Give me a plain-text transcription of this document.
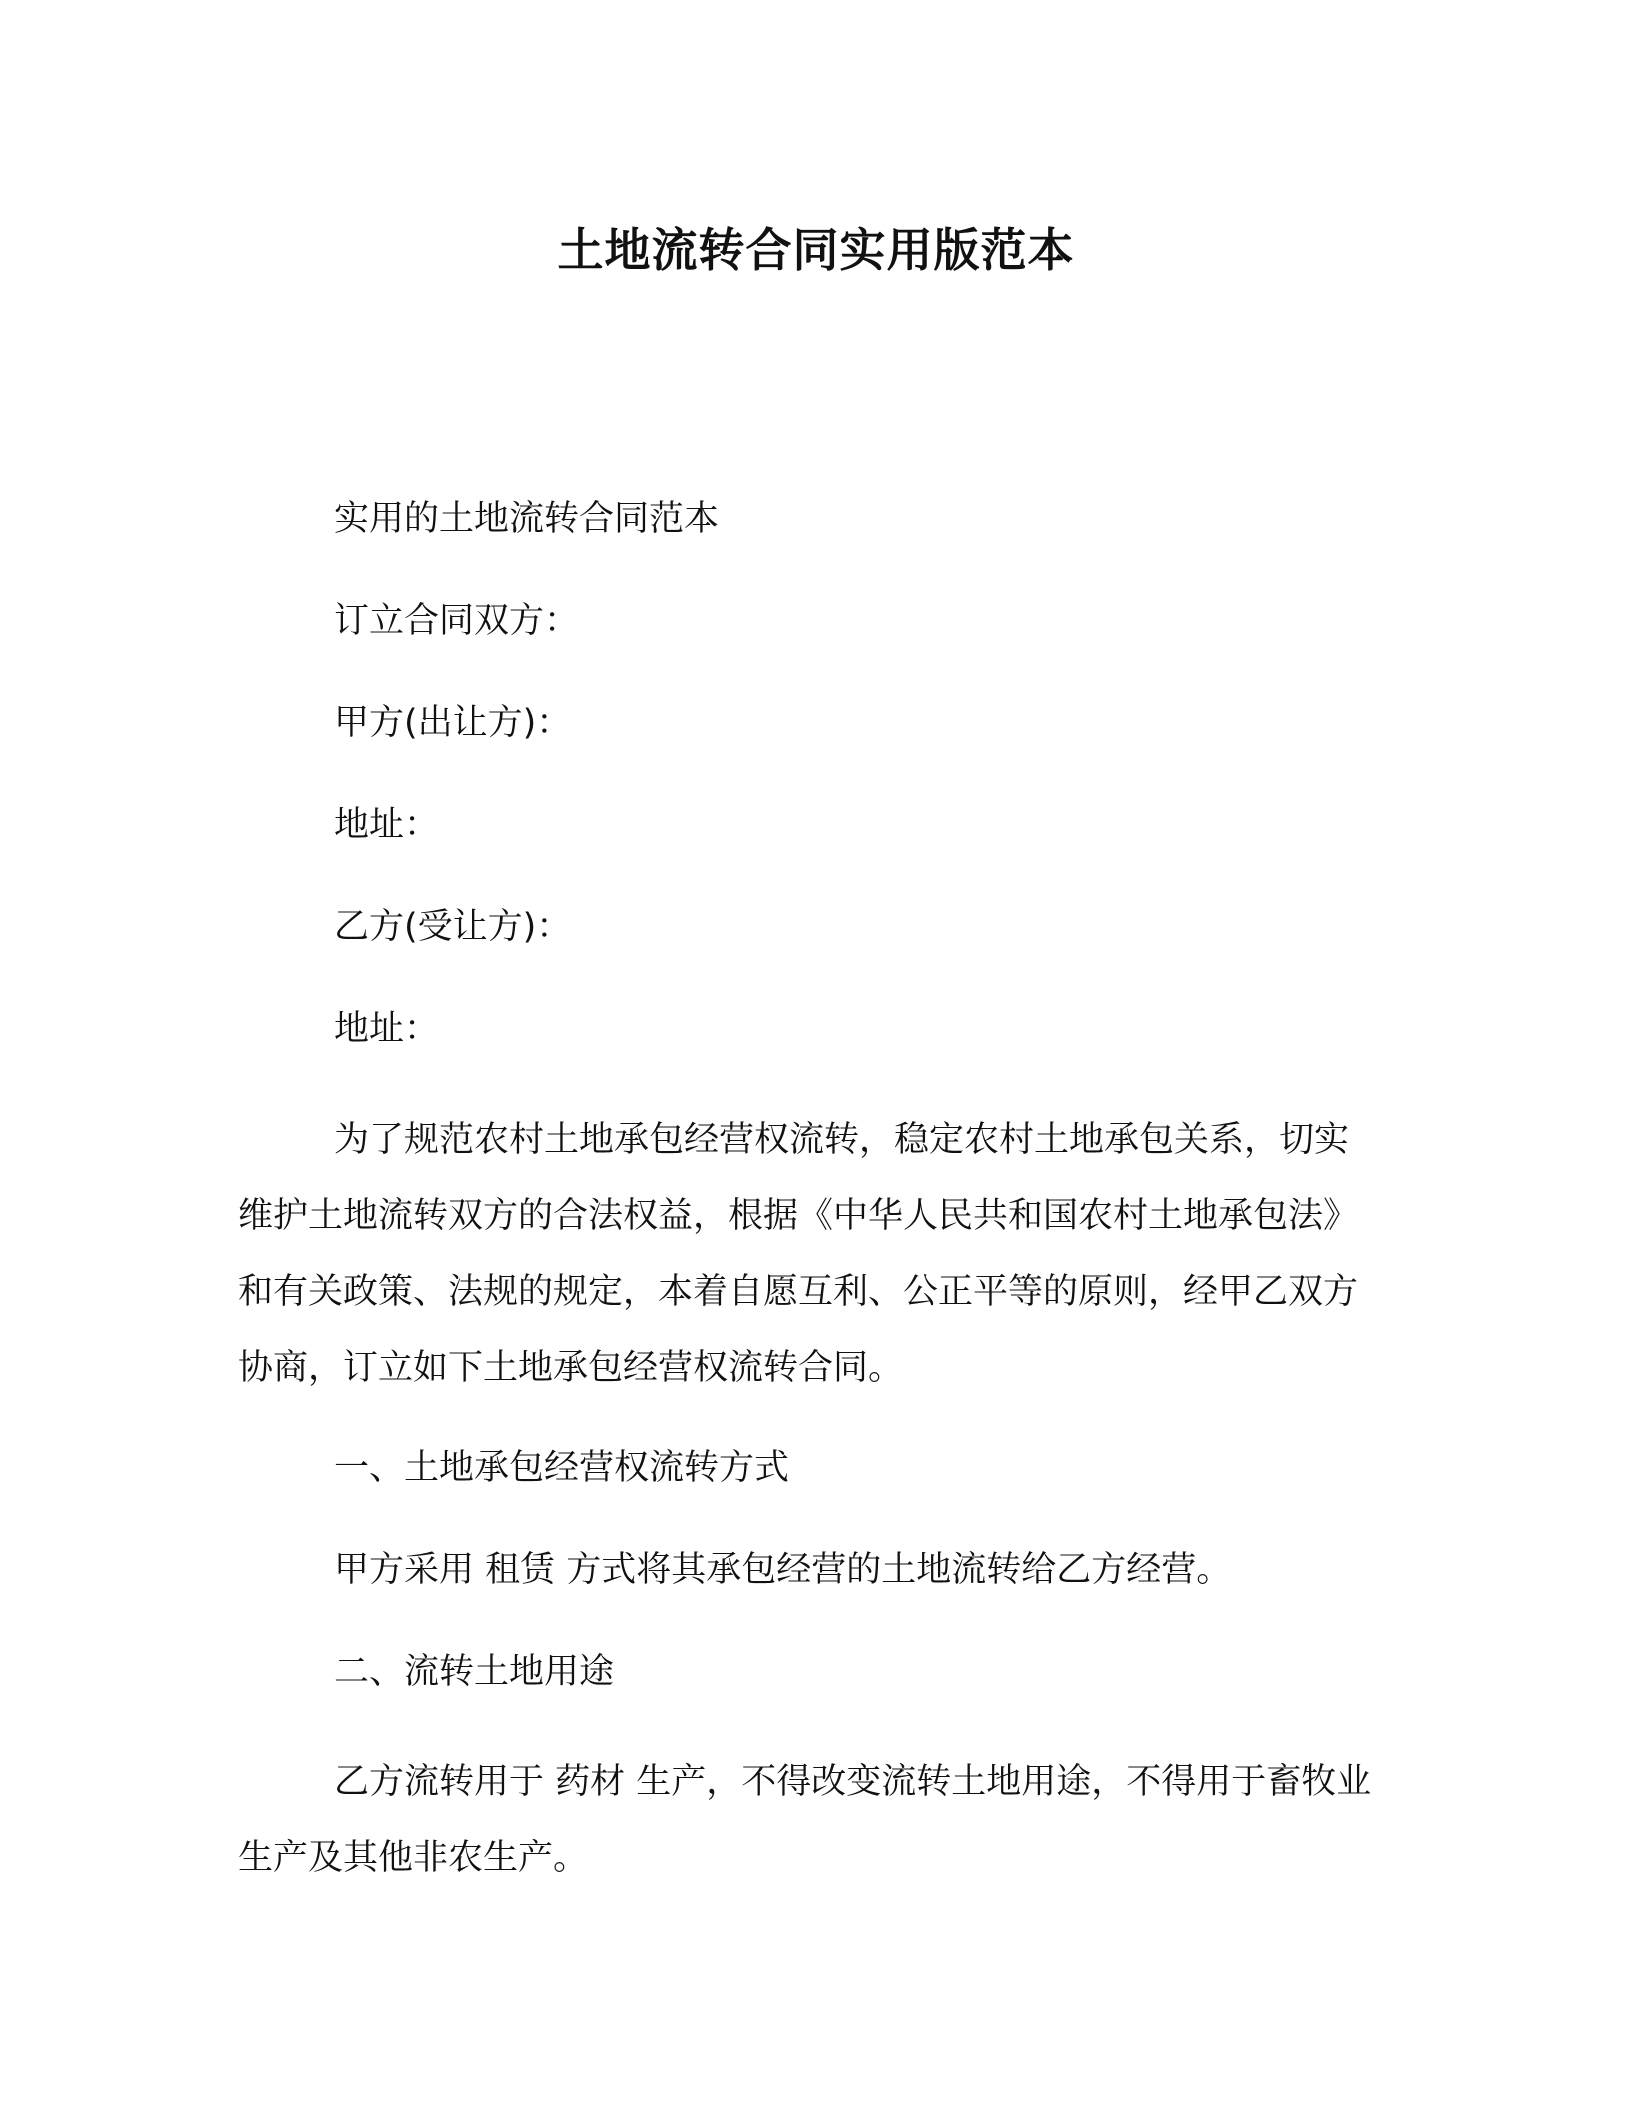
土地流转合同实用版范本

实用的土地流转合同范本

订立合同双方：

甲方(出让方)：

地址：

乙方(受让方)：

地址：

为了规范农村土地承包经营权流转，稳定农村土地承包关系，切实维护土地流转双方的合法权益，根据《中华人民共和国农村土地承包法》和有关政策、法规的规定，本着自愿互利、公正平等的原则，经甲乙双方协商，订立如下土地承包经营权流转合同。

一、土地承包经营权流转方式

甲方采用 租赁 方式将其承包经营的土地流转给乙方经营。

二、流转土地用途

乙方流转用于 药材 生产，不得改变流转土地用途，不得用于畜牧业生产及其他非农生产。
